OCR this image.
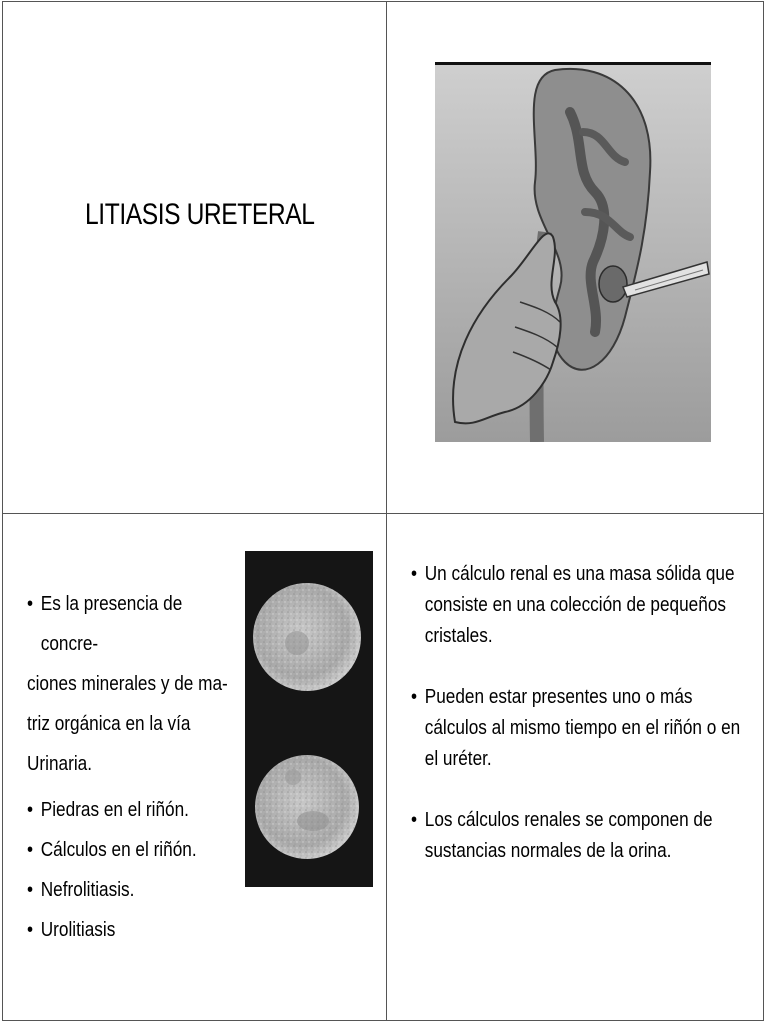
LITIASIS URETERAL
• Es la presencia de concre-
ciones minerales y de ma-
triz orgánica en la vía
Urinaria.
• Piedras en el riñón.
• Cálculos en el riñón.
• Nefrolitiasis.
• Urolitiasis
• Un cálculo renal es una masa sólida que
consiste en una colección de pequeños
cristales.
• Pueden estar presentes uno o más
cálculos al mismo tiempo en el riñón o en
el uréter.
• Los cálculos renales se componen de
sustancias normales de la orina.
